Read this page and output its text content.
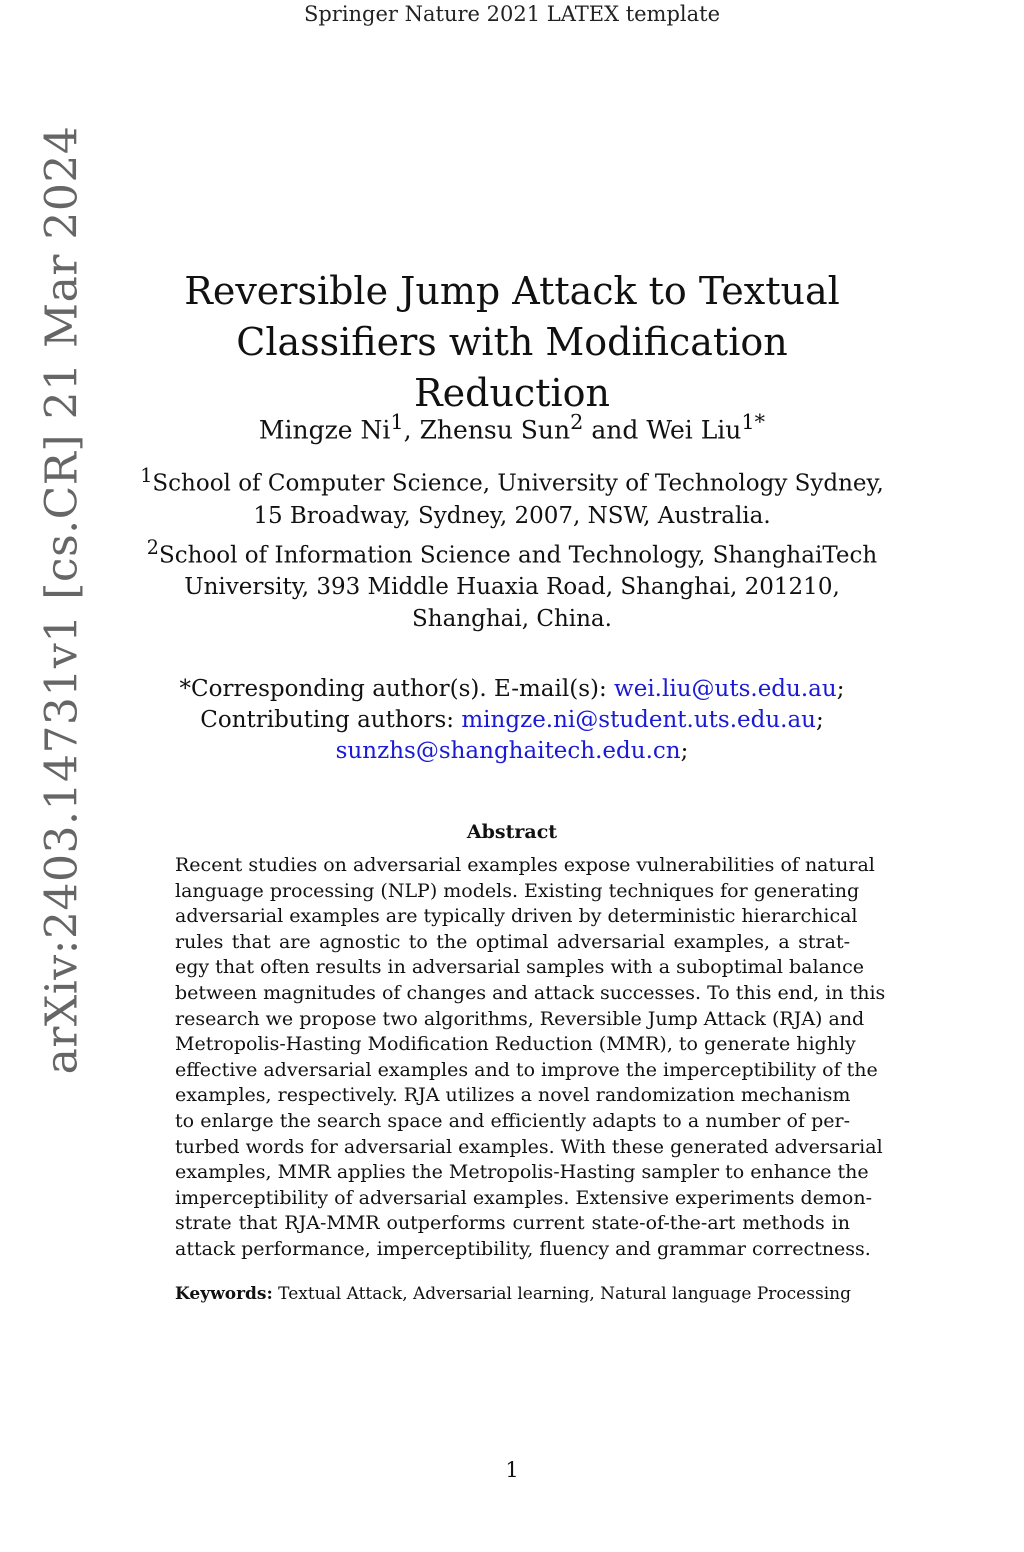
Springer Nature 2021 LATEX template
arXiv:2403.14731v1 [cs.CR] 21 Mar 2024	Reversible Jump Attack to Textual
Classifiers with Modification Reduction
Mingze Ni$^1$, Zhensu Sun$^2$ and Wei Liu$^{1*}$

$^1$School of Computer Science, University of Technology Sydney,

15 Broadway, Sydney, 2007, NSW, Australia.

$^2$School of Information Science and Technology, ShanghaiTech

University, 393 Middle Huaxia Road, Shanghai, 201210,

Shanghai, China.

*Corresponding author(s). E-mail(s): wei.liu@uts.edu.au;

Contributing authors: mingze.ni@student.uts.edu.au;

sunzhs@shanghaitech.edu.cn;

Abstract
Recent studies on adversarial examples expose vulnerabilities of natural
language processing (NLP) models. Existing techniques for generating
adversarial examples are typically driven by deterministic hierarchical
rules that are agnostic to the optimal adversarial examples, a strat-
egy that often results in adversarial samples with a suboptimal balance
between magnitudes of changes and attack successes. To this end, in this
research we propose two algorithms, Reversible Jump Attack (RJA) and
Metropolis-Hasting Modification Reduction (MMR), to generate highly
effective adversarial examples and to improve the imperceptibility of the
examples, respectively. RJA utilizes a novel randomization mechanism
to enlarge the search space and efficiently adapts to a number of per-
turbed words for adversarial examples. With these generated adversarial
examples, MMR applies the Metropolis-Hasting sampler to enhance the
imperceptibility of adversarial examples. Extensive experiments demon-
strate that RJA-MMR outperforms current state-of-the-art methods in
attack performance, imperceptibility, fluency and grammar correctness.
Keywords: Textual Attack, Adversarial learning, Natural language Processing
1
